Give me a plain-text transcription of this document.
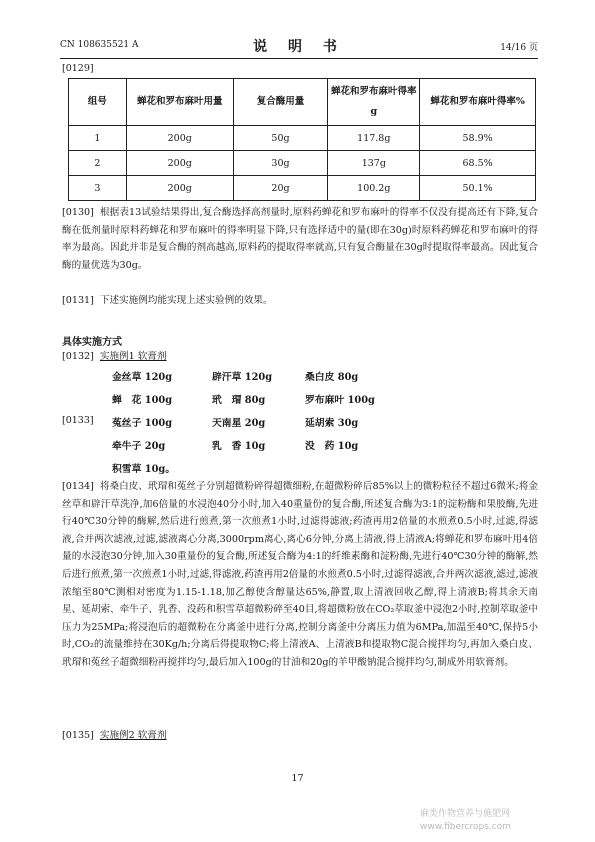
CN 108635521 A	说 明 书	14/16 页
[0129]
组号	蝉花和罗布麻叶用量	复合酶用量	蝉花和罗布麻叶得率 g	蝉花和罗布麻叶得率%
1	200g	50g	117.8g	58.9%
2	200g	30g	137g	68.5%
3	200g	20g	100.2g	50.1%
[0130] 根据表13试验结果得出,复合酶选择高剂量时,原料药蝉花和罗布麻叶的得率不仅没有提高还有下降,复合酶在低剂量时原料药蝉花和罗布麻叶的得率明显下降,只有选择适中的量(即在30g)时原料药蝉花和罗布麻叶的得率为最高。因此并非是复合酶的剂高越高,原料药的提取得率就高,只有复合酶量在30g时提取得率最高。因此复合酶的量优选为30g。
[0131] 下述实施例均能实现上述实验例的效果。
具体实施方式
[0132] 实施例1 软膏剂
金丝草 120g	辟汗草 120g	桑白皮 80g
蝉　花 100g	玳　瑁 80g	罗布麻叶 100g
[0133] 菟丝子 100g	天南星 20g	延胡索 30g
牵牛子 20g	乳　香 10g	没　药 10g
积雪草 10g。
[0134] 将桑白皮、玳瑁和菟丝子分别超微粉碎得超微细粉,在超微粉碎后85%以上的微粉粒径不超过6微米;将金丝草和辟汗草洗净,加6倍量的水浸泡40分小时,加入40重量份的复合酶,所述复合酶为3:1的淀粉酶和果胶酶,先进行40℃30分钟的酶解,然后进行煎煮,第一次煎煮1小时,过滤得滤液;药渣再用2倍量的水煎煮0.5小时,过滤,得滤液,合并两次滤液,过滤,滤液离心分离,3000rpm离心,离心6分钟,分离上清液,得上清液A;将蝉花和罗布麻叶用4倍量的水浸泡30分钟,加入30重量份的复合酶,所述复合酶为4:1的纤维素酶和淀粉酶,先进行40℃30分钟的酶解,然后进行煎煮,第一次煎煮1小时,过滤,得滤液,药渣再用2倍量的水煎煮0.5小时,过滤得滤液,合并两次滤液,滤过,滤液浓缩至80℃测相对密度为1.15-1.18,加乙醇使含醇量达65%,静置,取上清液回收乙醇,得上清液B;将其余天南星、延胡索、牵牛子、乳香、没药和积雪草超微粉碎至40目,将超微粉放在CO₂萃取釜中浸泡2小时,控制萃取釜中压力为25MPa;将浸泡后的超微粉在分离釜中进行分离,控制分离釜中分离压力值为6MPa,加温至40℃,保持5小时,CO₂的流量维持在30Kg/h;分离后得提取物C;将上清液A、上清液B和提取物C混合搅拌均匀,再加入桑白皮、玳瑁和菟丝子超微细粉再搅拌均匀,最后加入100g的甘油和20g的羊甲酸钠混合搅拌均匀,制成外用软膏剂。
[0135] 实施例2 软膏剂
17
麻类作物营养与施肥网
www.fibercrops.com
